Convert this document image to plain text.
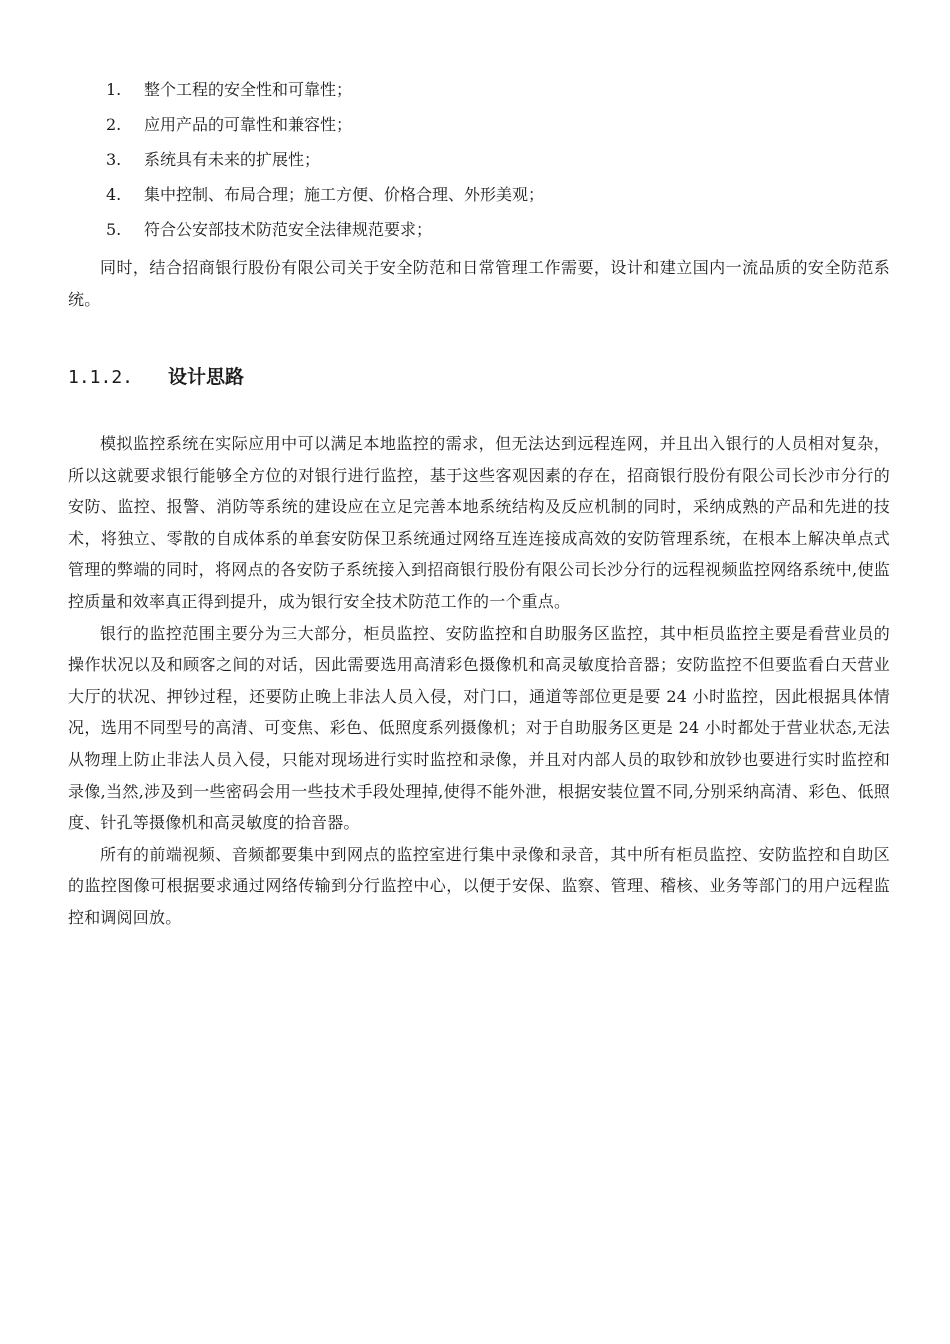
1. 整个工程的安全性和可靠性；
2. 应用产品的可靠性和兼容性；
3. 系统具有未来的扩展性；
4. 集中控制、布局合理；施工方便、价格合理、外形美观；
5. 符合公安部技术防范安全法律规范要求；

同时，结合招商银行股份有限公司关于安全防范和日常管理工作需要，设计和建立国内一流品质的安全防范系统。

1.1.2. 设计思路

模拟监控系统在实际应用中可以满足本地监控的需求，但无法达到远程连网，并且出入银行的人员相对复杂，所以这就要求银行能够全方位的对银行进行监控，基于这些客观因素的存在，招商银行股份有限公司长沙市分行的安防、监控、报警、消防等系统的建设应在立足完善本地系统结构及反应机制的同时，采纳成熟的产品和先进的技术，将独立、零散的自成体系的单套安防保卫系统通过网络互连连接成高效的安防管理系统，在根本上解决单点式管理的弊端的同时，将网点的各安防子系统接入到招商银行股份有限公司长沙分行的远程视频监控网络系统中,使监控质量和效率真正得到提升，成为银行安全技术防范工作的一个重点。

银行的监控范围主要分为三大部分，柜员监控、安防监控和自助服务区监控，其中柜员监控主要是看营业员的操作状况以及和顾客之间的对话，因此需要选用高清彩色摄像机和高灵敏度拾音器；安防监控不但要监看白天营业大厅的状况、押钞过程，还要防止晚上非法人员入侵，对门口，通道等部位更是要 24 小时监控，因此根据具体情况，选用不同型号的高清、可变焦、彩色、低照度系列摄像机；对于自助服务区更是 24 小时都处于营业状态,无法从物理上防止非法人员入侵，只能对现场进行实时监控和录像，并且对内部人员的取钞和放钞也要进行实时监控和录像,当然,涉及到一些密码会用一些技术手段处理掉,使得不能外泄，根据安装位置不同,分别采纳高清、彩色、低照度、针孔等摄像机和高灵敏度的拾音器。

所有的前端视频、音频都要集中到网点的监控室进行集中录像和录音，其中所有柜员监控、安防监控和自助区的监控图像可根据要求通过网络传输到分行监控中心，以便于安保、监察、管理、稽核、业务等部门的用户远程监控和调阅回放。
